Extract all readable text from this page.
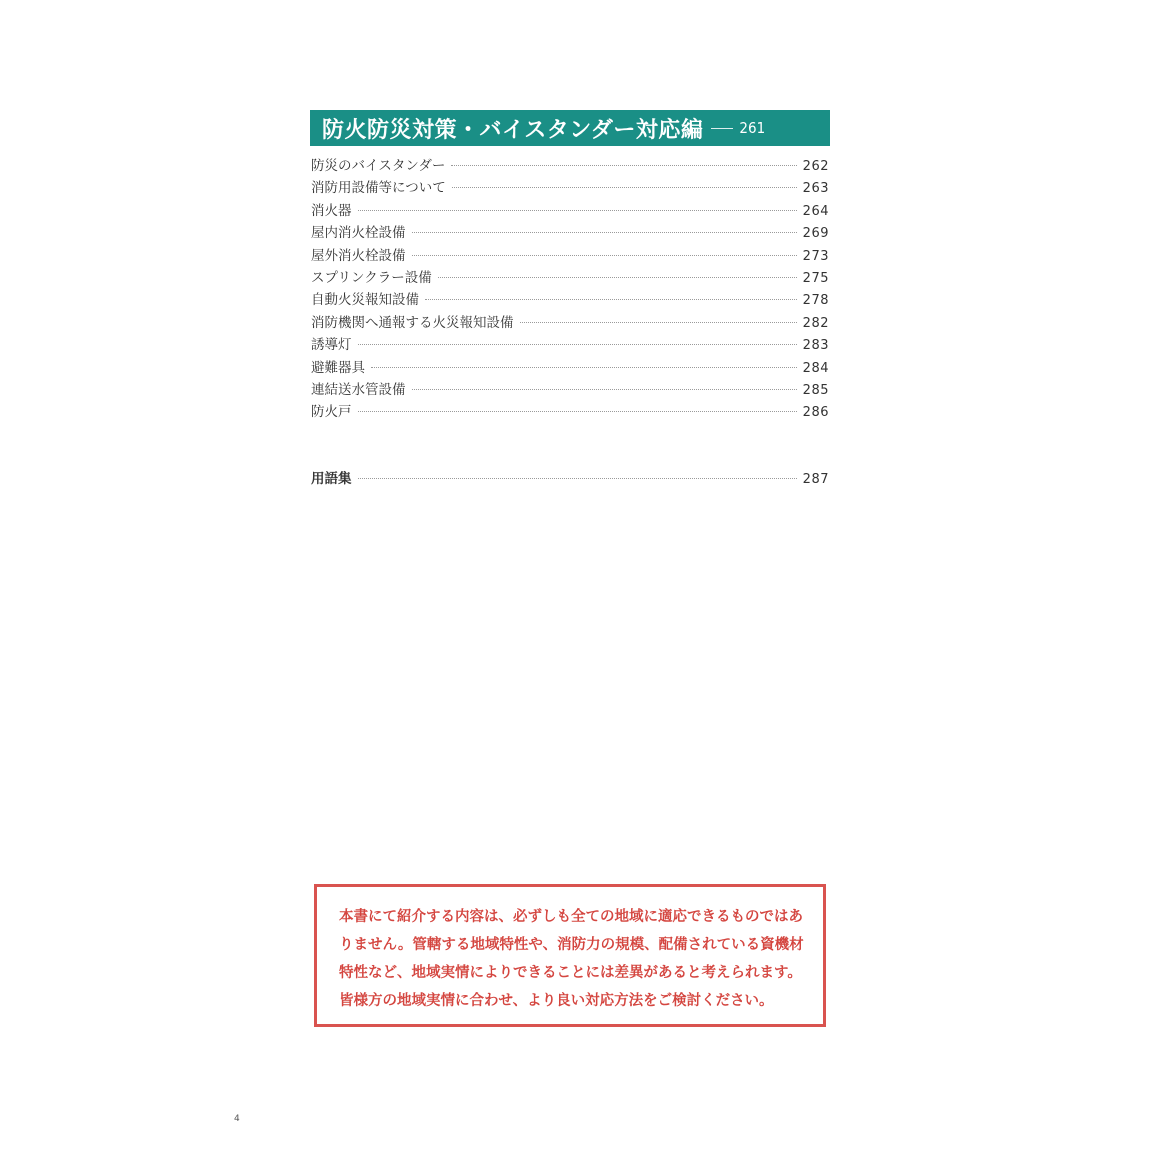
防火防災対策・バイスタンダー対応編 261
防災のバイスタンダー	262
消防用設備等について	263
消火器	264
屋内消火栓設備	269
屋外消火栓設備	273
スプリンクラー設備	275
自動火災報知設備	278
消防機関へ通報する火災報知設備	282
誘導灯	283
避難器具	284
連結送水管設備	285
防火戸	286
用語集	287

本書にて紹介する内容は、必ずしも全ての地域に適応できるものではありません。管轄する地域特性や、消防力の規模、配備されている資機材特性など、地域実情によりできることには差異があると考えられます。皆様方の地域実情に合わせ、より良い対応方法をご検討ください。

4
